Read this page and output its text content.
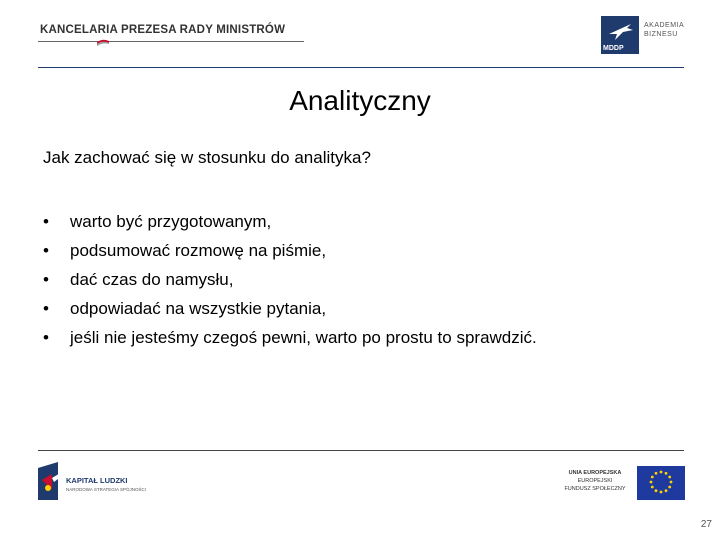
KANCELARIA PREZESA RADY MINISTRÓW
MDDP
AKADEMIA
BIZNESU
Analityczny
Jak zachować się w stosunku do analityka?
• warto być przygotowanym,
• podsumować rozmowę na piśmie,
• dać czas do namysłu,
• odpowiadać na wszystkie pytania,
• jeśli nie jesteśmy czegoś pewni, warto po prostu to sprawdzić.
KAPITAŁ LUDZKI
NARODOWA STRATEGIA SPÓJNOŚCI
UNIA EUROPEJSKA
EUROPEJSKI
FUNDUSZ SPOŁECZNY
27
